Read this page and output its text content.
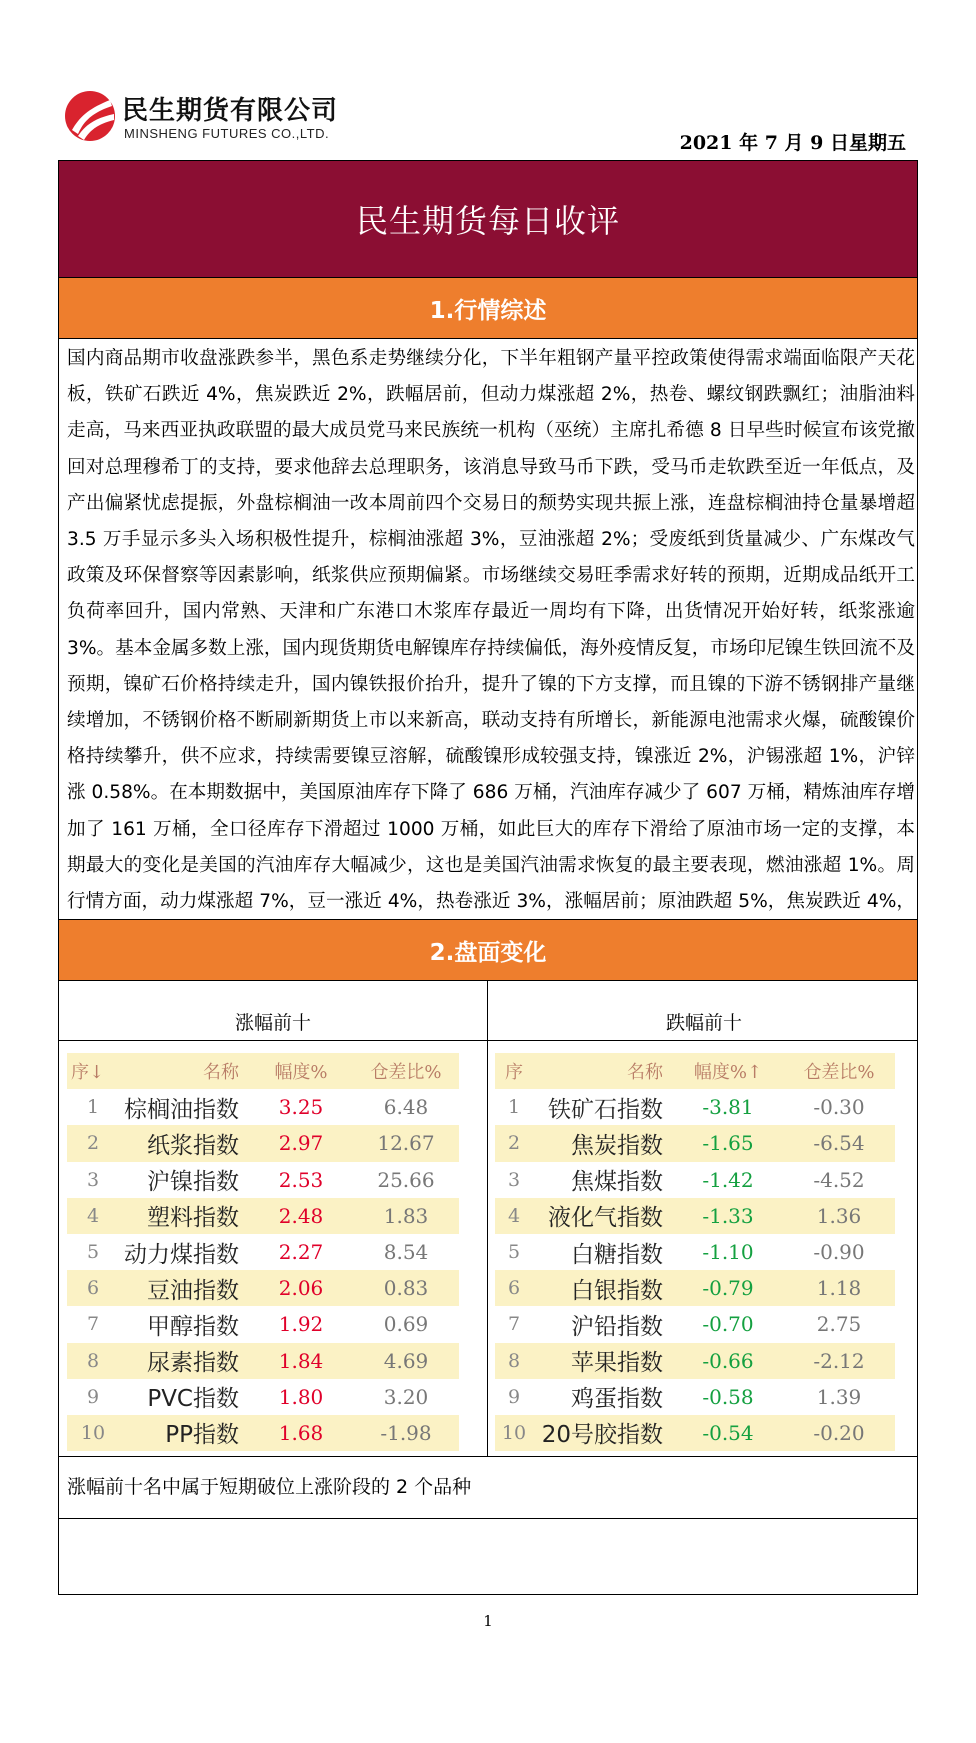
民生期货有限公司
MINSHENG FUTURES CO.,LTD.	2021 年 7 月 9 日星期五
民生期货每日收评
1.行情综述
国内商品期市收盘涨跌参半，黑色系走势继续分化，下半年粗钢产量平控政策使得需求端面临限产天花板，铁矿石跌近 4%，焦炭跌近 2%，跌幅居前，但动力煤涨超 2%，热卷、螺纹钢跌飘红；油脂油料走高，马来西亚执政联盟的最大成员党马来民族统一机构（巫统）主席扎希德 8 日早些时候宣布该党撤回对总理穆希丁的支持，要求他辞去总理职务，该消息导致马币下跌，受马币走软跌至近一年低点，及产出偏紧忧虑提振，外盘棕榈油一改本周前四个交易日的颓势实现共振上涨，连盘棕榈油持仓量暴增超 3.5 万手显示多头入场积极性提升，棕榈油涨超 3%，豆油涨超 2%；受废纸到货量减少、广东煤改气政策及环保督察等因素影响，纸浆供应预期偏紧。市场继续交易旺季需求好转的预期，近期成品纸开工负荷率回升，国内常熟、天津和广东港口木浆库存最近一周均有下降，出货情况开始好转，纸浆涨逾 3%。基本金属多数上涨，国内现货期货电解镍库存持续偏低，海外疫情反复，市场印尼镍生铁回流不及预期，镍矿石价格持续走升，国内镍铁报价抬升，提升了镍的下方支撑，而且镍的下游不锈钢排产量继续增加，不锈钢价格不断刷新期货上市以来新高，联动支持有所增长，新能源电池需求火爆，硫酸镍价格持续攀升，供不应求，持续需要镍豆溶解，硫酸镍形成较强支持，镍涨近 2%，沪锡涨超 1%，沪锌涨 0.58%。在本期数据中，美国原油库存下降了 686 万桶，汽油库存减少了 607 万桶，精炼油库存增加了 161 万桶，全口径库存下滑超过 1000 万桶，如此巨大的库存下滑给了原油市场一定的支撑，本期最大的变化是美国的汽油库存大幅减少，这也是美国汽油需求恢复的最主要表现，燃油涨超 1%。周行情方面，动力煤涨超 7%，豆一涨近 4%，热卷涨近 3%，涨幅居前；原油跌超 5%，焦炭跌近 4%，
2.盘面变化
涨幅前十	跌幅前十
序↓	名称	幅度%	仓差比%
1	棕榈油指数	3.25	6.48
2	纸浆指数	2.97	12.67
3	沪镍指数	2.53	25.66
4	塑料指数	2.48	1.83
5	动力煤指数	2.27	8.54
6	豆油指数	2.06	0.83
7	甲醇指数	1.92	0.69
8	尿素指数	1.84	4.69
9	PVC指数	1.80	3.20
10	PP指数	1.68	-1.98
序	名称	幅度%↑	仓差比%
1	铁矿石指数	-3.81	-0.30
2	焦炭指数	-1.65	-6.54
3	焦煤指数	-1.42	-4.52
4	液化气指数	-1.33	1.36
5	白糖指数	-1.10	-0.90
6	白银指数	-0.79	1.18
7	沪铅指数	-0.70	2.75
8	苹果指数	-0.66	-2.12
9	鸡蛋指数	-0.58	1.39
10	20号胶指数	-0.54	-0.20
涨幅前十名中属于短期破位上涨阶段的 2 个品种
1
